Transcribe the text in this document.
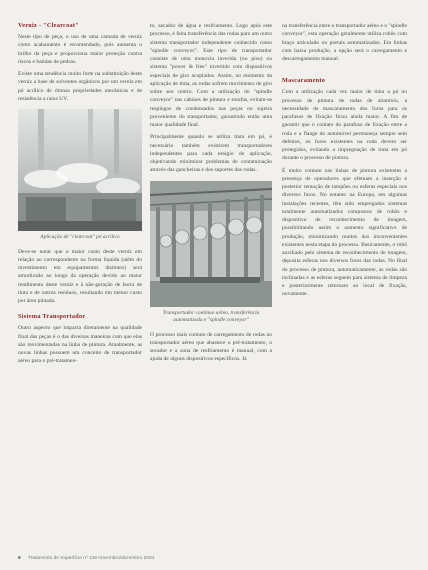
Verniz - "Clearcoat"

Neste tipo de peça, o uso de uma camada de verniz como acabamento é recomendado, pois aumenta o brilho da peça e proporciona maior proteção contra riscos e batidas de pedras.

Existe uma tendência muito forte na substituição deste verniz a base de solventes orgânicos por um verniz em pó acrílico de ótimas propriedades mecânicas e de resistência a raios UV.

Aplicação de "clearcoat" pó acrílico

Deve-se notar que o maior custo deste verniz em relação ao correspondente na forma líquida (além do investimento em equipamentos distintos) será amortizado ao longo da operação devido ao maior rendimento deste verniz e à não-geração de borra de tinta e de outros resíduos, resultando em menor custo por área pintada.

Sistema Transportador

Outro aspecto que impacta diretamente na qualidade final das peças é o das diversas maneiras com que elas são movimentadas na linha de pintura. Atualmente, as novas linhas possuem um conceito de transportador aéreo para o pré-tratamen-

to, secador de água e resfriamento. Logo após este processo, é feita transferência das rodas para um outro sistema transportador independente conhecido como "spindle conveyor". Este tipo de transportador consiste de uma monovia inverida (no piso) ou sistema "power & free" invertido com dispositivos especiais de giro acoplados. Assim, no momento da aplicação de tinta, as rodas sofrem movimento de giro sobre seu centro. Com a utilização do "spindle conveyor" nas cabines de pintura e estufas, evitam-se respingos de condensados nas peças ou sujeira proveniente do transportador, garantindo então uma maior qualidade final.

Principalmente quando se utiliza tinta em pó, é necessário também existirem transportadores independentes para cada estágio de aplicação, objetivando minimizar problemas de contaminação através das gancheiras e dos suportes das rodas.

Transportador contínuo aéreo, transferência automatizada e "spindle conveyor"

O processo mais comum de carregamento de rodas no transportador aéreo que abastece o pré-tratamento, o secador e a zona de resfriamento é manual, com a ajuda de alguns dispositivos específicos. Já

na transferência entre o transportador aéreo e o "spindle conveyor", esta operação geralmente utiliza robôs com braço articulado ou portais automatizados. Em linhas com baixa produção, a opção será o carregamento e descarregamento manual.

Mascaramento

Com a utilização cada vez maior de tinta a pó no processo de pintura de rodas de alumínio, a necessidade de mascaramento dos furos para os parafusos de fixação ficou ainda maior. A fim de garantir que o contato do parafuso de fixação entre a roda e a flange do automóvel permaneça sempre sem defeitos, os furos existentes na roda devem ser protegidos, evitando a impregnação de tinta em pó durante o processo de pintura.

É muito comum nas linhas de pintura existentes a presença de operadores que efetuam a inserção e posterior remoção de tampões ou esferas especiais nos diversos furos. No entanto na Europa, em algumas instalações recentes, têm sido empregados sistemas totalmente automatizados compostos de robôs e dispositivo de reconhecimento de imagem, possibilitando assim o aumento significativo de produção, minimizando muitos dos inconvenientes existentes nesta etapa do processo. Basicamente, o robô auxiliado pelo sistema de reconhecimento de imagem, deposita esferas nos diversos furos das rodas. No final do processo de pintura, automaticamente, as rodas são inclinadas e as esferas seguem para sistema de limpeza e posteriormente retornam ao local de fixação, novamente.

8 Tratamento de Superfície nº 128 novembro/dezembro 2004
